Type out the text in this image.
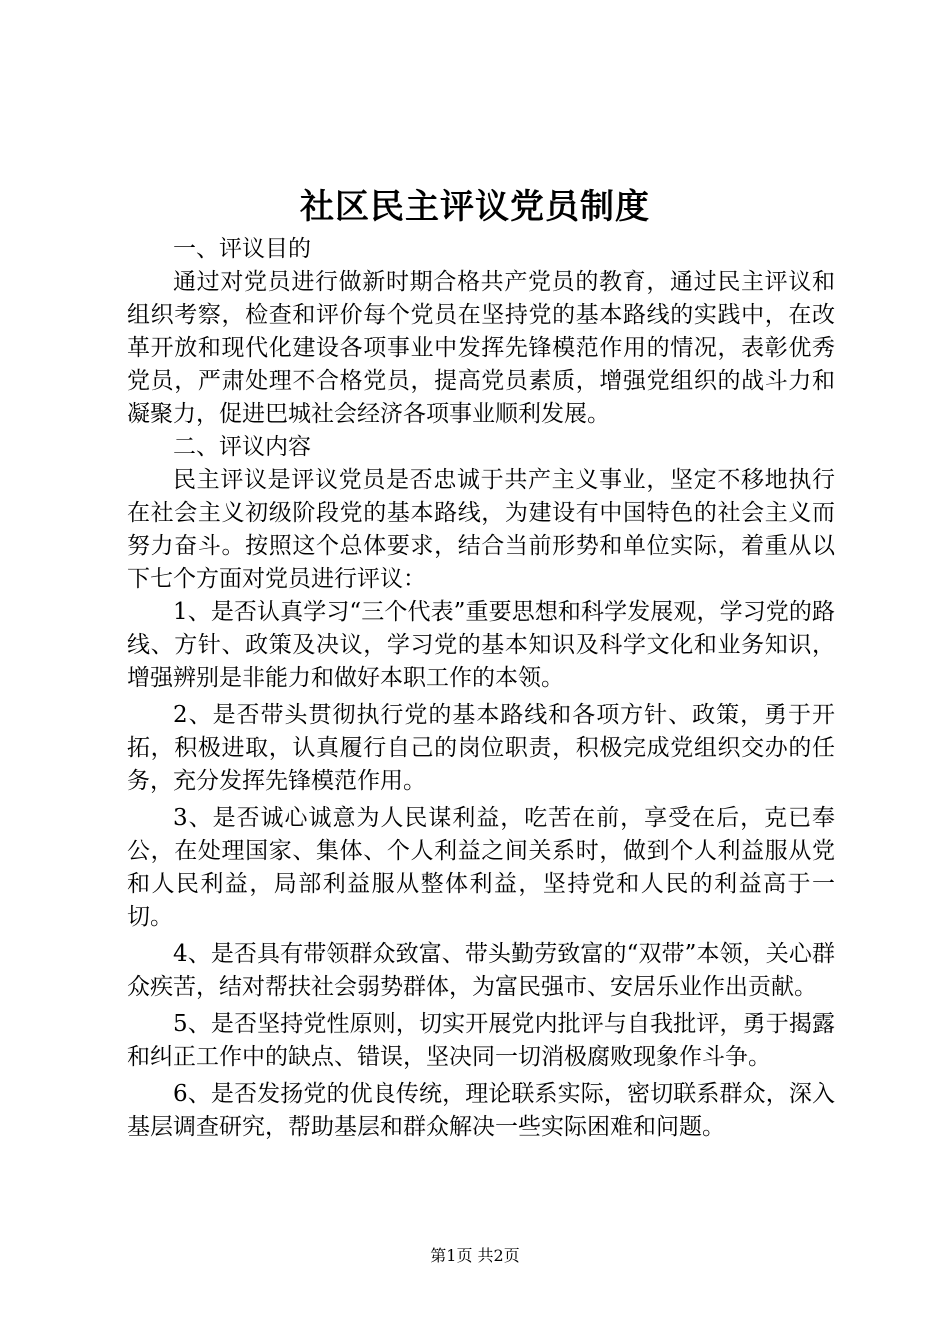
社区民主评议党员制度

一、评议目的

通过对党员进行做新时期合格共产党员的教育，通过民主评议和组织考察，检查和评价每个党员在坚持党的基本路线的实践中，在改革开放和现代化建设各项事业中发挥先锋模范作用的情况，表彰优秀党员，严肃处理不合格党员，提高党员素质，增强党组织的战斗力和凝聚力，促进巴城社会经济各项事业顺利发展。

二、评议内容

民主评议是评议党员是否忠诚于共产主义事业，坚定不移地执行在社会主义初级阶段党的基本路线，为建设有中国特色的社会主义而努力奋斗。按照这个总体要求，结合当前形势和单位实际，着重从以下七个方面对党员进行评议：

1、是否认真学习“三个代表”重要思想和科学发展观，学习党的路线、方针、政策及决议，学习党的基本知识及科学文化和业务知识，增强辨别是非能力和做好本职工作的本领。

2、是否带头贯彻执行党的基本路线和各项方针、政策，勇于开拓，积极进取，认真履行自己的岗位职责，积极完成党组织交办的任务，充分发挥先锋模范作用。

3、是否诚心诚意为人民谋利益，吃苦在前，享受在后，克已奉公，在处理国家、集体、个人利益之间关系时，做到个人利益服从党和人民利益，局部利益服从整体利益，坚持党和人民的利益高于一切。

4、是否具有带领群众致富、带头勤劳致富的“双带”本领，关心群众疾苦，结对帮扶社会弱势群体，为富民强市、安居乐业作出贡献。

5、是否坚持党性原则，切实开展党内批评与自我批评，勇于揭露和纠正工作中的缺点、错误，坚决同一切消极腐败现象作斗争。

6、是否发扬党的优良传统，理论联系实际，密切联系群众，深入基层调查研究，帮助基层和群众解决一些实际困难和问题。

第1页 共2页
